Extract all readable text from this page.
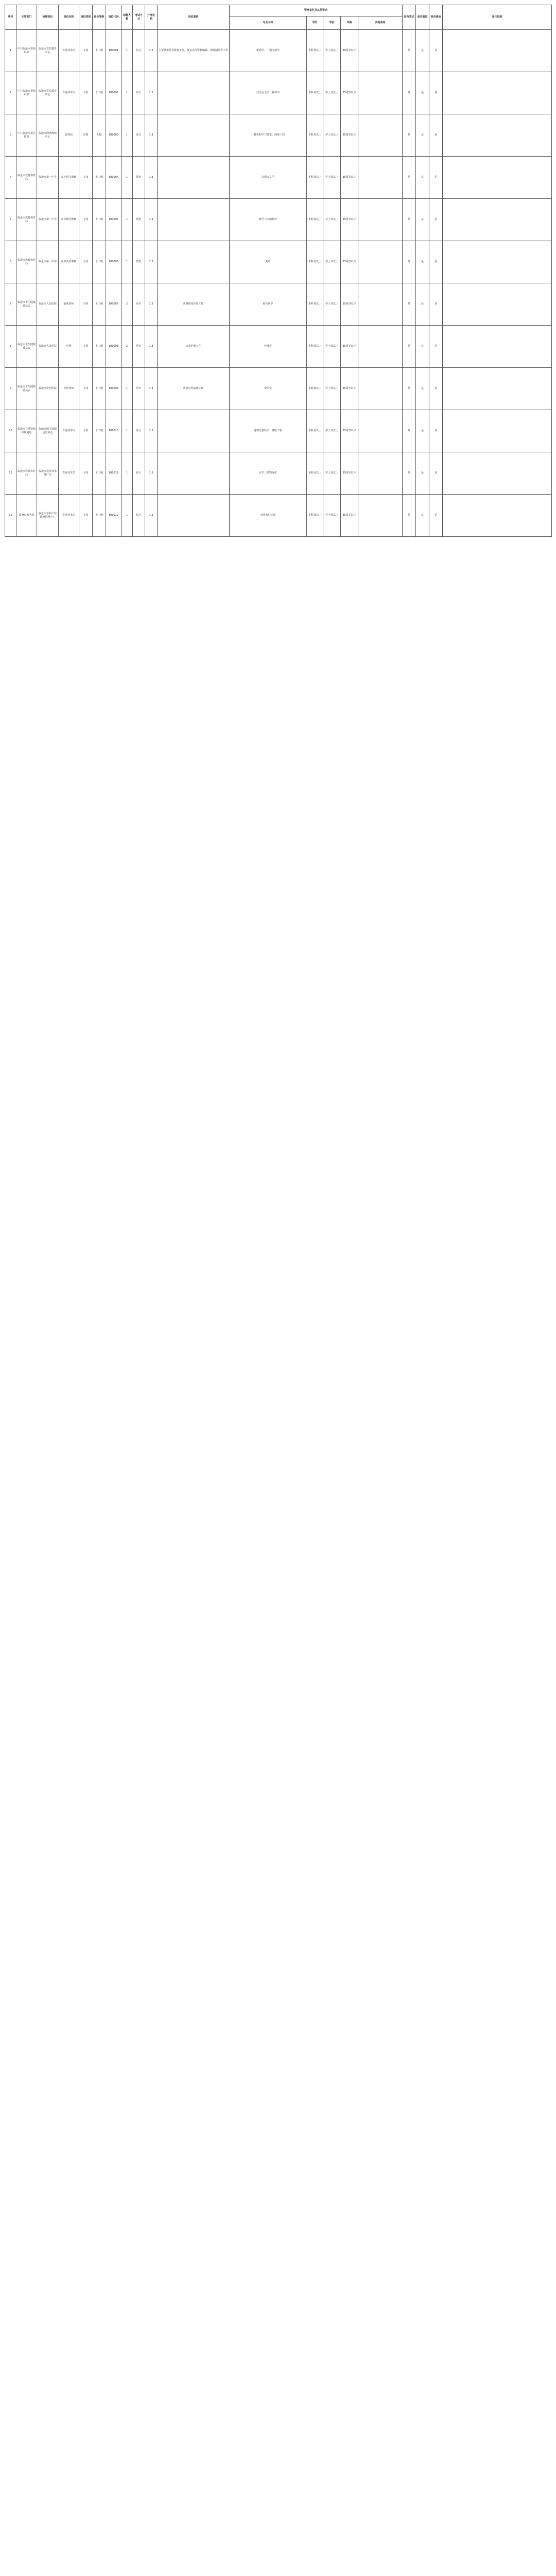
序号	主管部门	招聘单位	岗位名称	岗位类别	岗位等级	岗位代码	招聘人数	考试方式	开考比例	岗位职责	资格条件及其他要求					是否笔试	是否面试	是否体检	备注说明
											专业名称	学历	学位	年龄	其他条件				
1	中共临沧市委组织部	临沧市党员教育中心	专业技术岗	专技	十二级	100001	1	综合	1:3	主要从事党员教育工作，负责宣传资料编辑、视频制作等工作	新闻学、广播电视学	本科及以上	学士及以上	35周岁以下		是	是	是	
2	中共临沧市委组织部	临沧市党员教育中心	专业技术岗	专技	十二级	100002	1	综合	1:3		汉语言文学、秘书学	本科及以上	学士及以上	35周岁以下		是	是	是	
3	中共临沧市委宣传部	临沧市网络舆情中心	管理岗	管理	九级	100003	1	综合	1:3		计算机科学与技术、网络工程	本科及以上	学士及以上	35周岁以下		是	是	是	
4	临沧市教育体育局	临沧市第一中学	高中语文教师	专技	十二级	100004	1	教育	1:3		汉语言文学	本科及以上	学士及以上	35周岁以下		是	是	是	
5	临沧市教育体育局	临沧市第一中学	高中数学教师	专技	十二级	100005	1	教育	1:3		数学与应用数学	本科及以上	学士及以上	35周岁以下		是	是	是	
6	临沧市教育体育局	临沧市第一中学	高中英语教师	专技	十二级	100006	1	教育	1:3		英语	本科及以上	学士及以上	35周岁以下		是	是	是	
7	临沧市卫生健康委员会	临沧市人民医院	临床医师	专技	十二级	100007	2	医疗	1:3	从事临床医疗工作	临床医学	本科及以上	学士及以上	35周岁以下		是	是	是	
8	临沧市卫生健康委员会	临沧市人民医院	护理	专技	十二级	100008	2	医疗	1:3	从事护理工作	护理学	本科及以上	学士及以上	35周岁以下		是	是	是	
9	临沧市卫生健康委员会	临沧市中医医院	中医医师	专技	十二级	100009	1	医疗	1:3	从事中医临床工作	中医学	本科及以上	学士及以上	35周岁以下		是	是	是	
10	临沧市自然资源和规划局	临沧市国土资源信息中心	专业技术岗	专技	十二级	100010	1	综合	1:3		地理信息科学、测绘工程	本科及以上	学士及以上	35周岁以下		是	是	是	
11	临沧市农业农村局	临沧市农业技术推广站	农业技术员	专技	十二级	100011	1	综合	1:3		农学、植物保护	本科及以上	学士及以上	35周岁以下		是	是	是	
12	临沧市水务局	临沧市水利工程建设管理中心	专业技术岗	专技	十二级	100012	1	综合	1:3		水利水电工程	本科及以上	学士及以上	35周岁以下		是	是	是	
